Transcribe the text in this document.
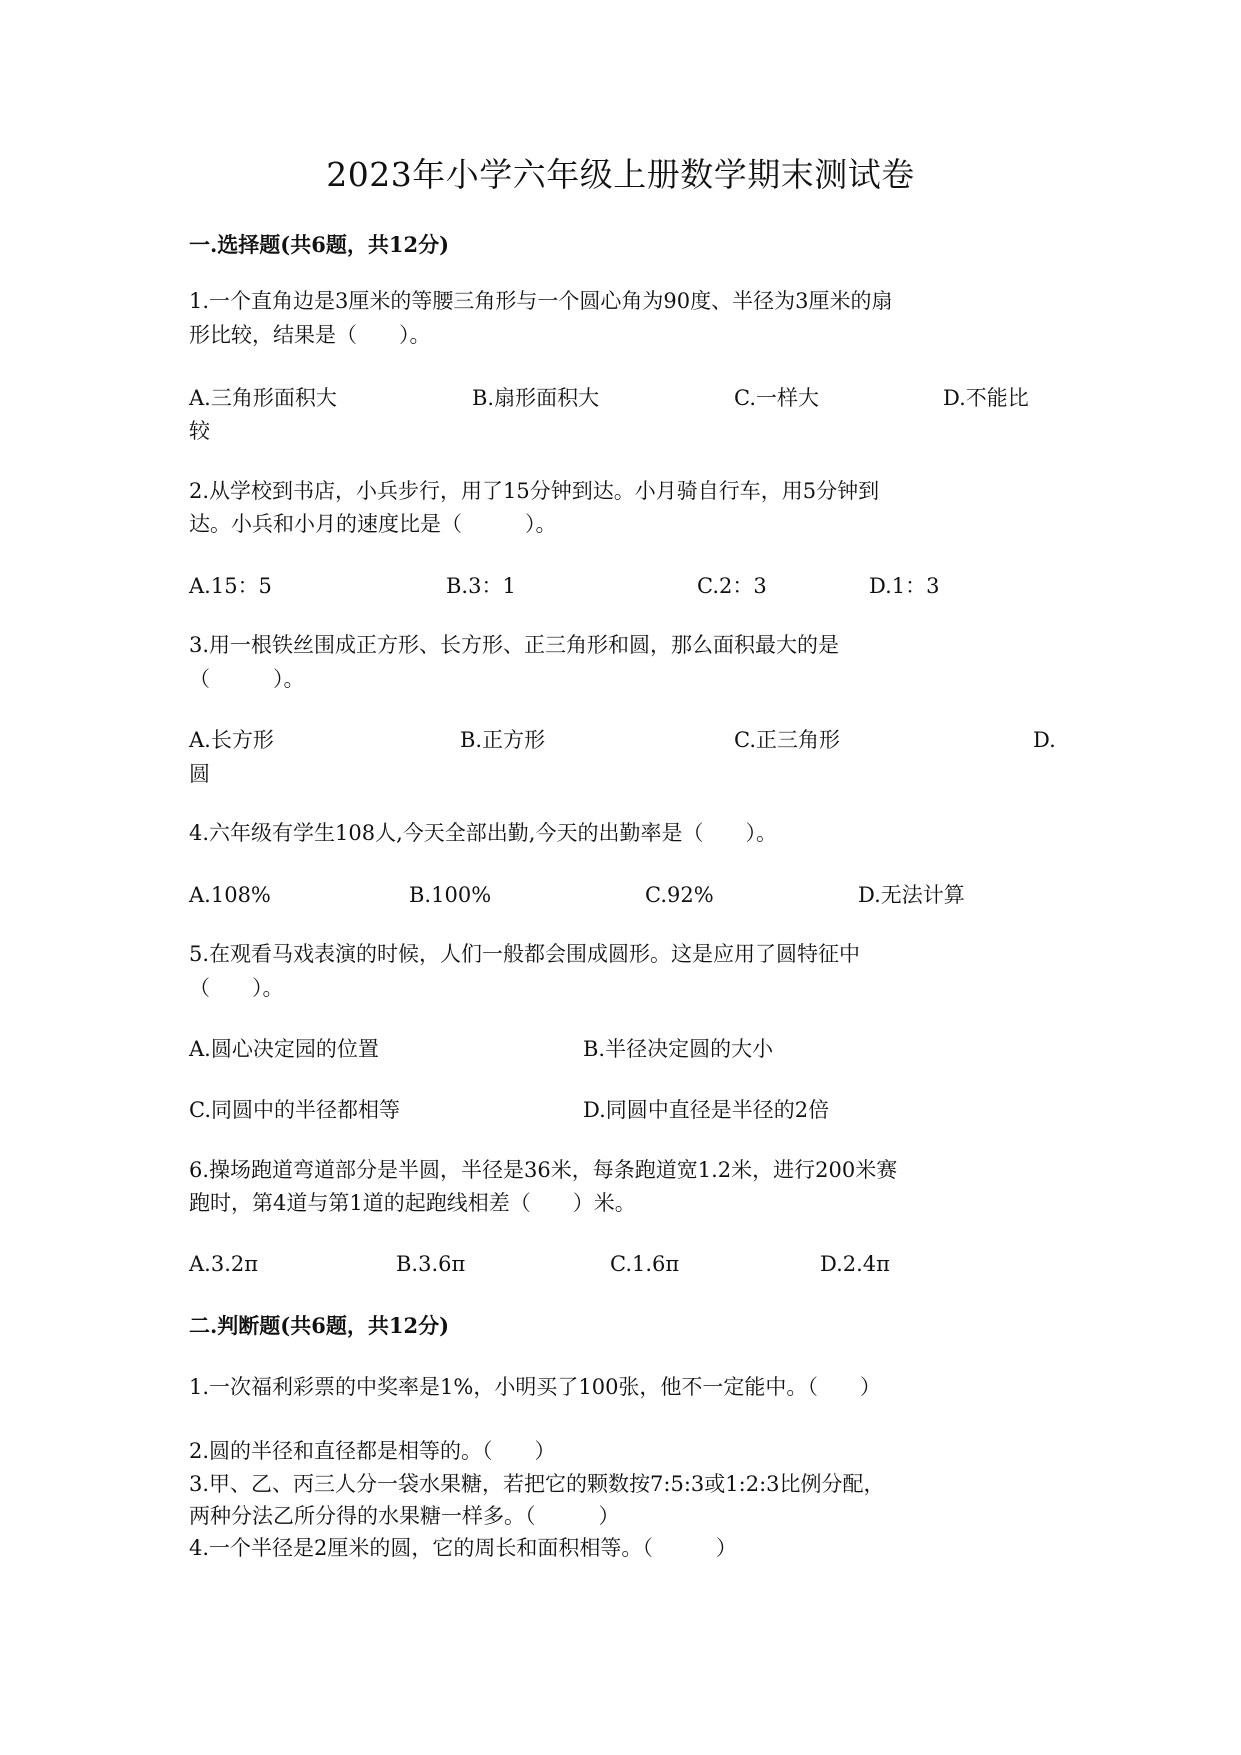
2023年小学六年级上册数学期末测试卷
一.选择题(共6题，共12分)
1.一个直角边是3厘米的等腰三角形与一个圆心角为90度、半径为3厘米的扇
形比较，结果是（　　）。
A.三角形面积大	B.扇形面积大	C.一样大	D.不能比
较
2.从学校到书店，小兵步行，用了15分钟到达。小月骑自行车，用5分钟到
达。小兵和小月的速度比是（　　　）。
A.15：5	B.3：1	C.2：3	D.1：3
3.用一根铁丝围成正方形、长方形、正三角形和圆，那么面积最大的是
（　　　）。
A.长方形	B.正方形	C.正三角形	D.
圆
4.六年级有学生108人,今天全部出勤,今天的出勤率是（　　）。
A.108%	B.100%	C.92%	D.无法计算
5.在观看马戏表演的时候，人们一般都会围成圆形。这是应用了圆特征中
（　　）。
A.圆心决定园的位置	B.半径决定圆的大小
C.同圆中的半径都相等	D.同圆中直径是半径的2倍
6.操场跑道弯道部分是半圆，半径是36米，每条跑道宽1.2米，进行200米赛
跑时，第4道与第1道的起跑线相差（　　）米。
A.3.2π	B.3.6π	C.1.6π	D.2.4π
二.判断题(共6题，共12分)
1.一次福利彩票的中奖率是1%，小明买了100张，他不一定能中。（　　）
2.圆的半径和直径都是相等的。（　　）
3.甲、乙、丙三人分一袋水果糖，若把它的颗数按7:5:3或1:2:3比例分配，
两种分法乙所分得的水果糖一样多。（　　　）
4.一个半径是2厘米的圆，它的周长和面积相等。（　　　）
